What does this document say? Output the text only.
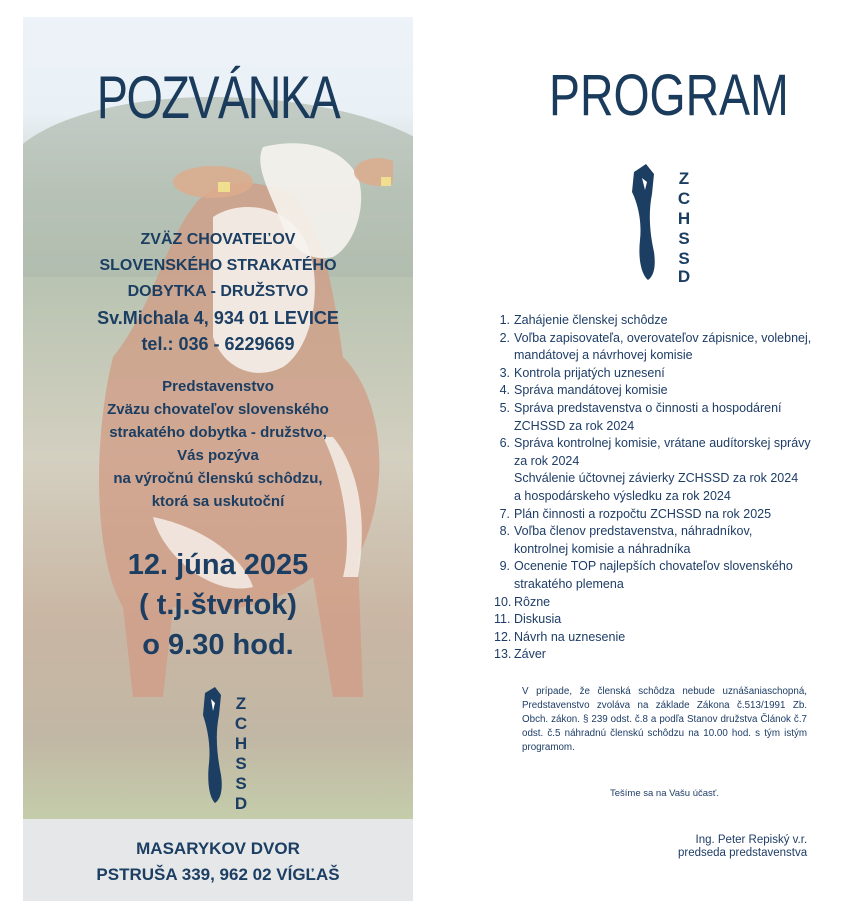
POZVÁNKA
ZVÄZ CHOVATEĽOV
SLOVENSKÉHO STRAKATÉHO
DOBYTKA - DRUŽSTVO
Sv.Michala 4, 934 01 LEVICE
tel.: 036 - 6229669
Predstavenstvo
Zväzu chovateľov slovenského
strakatého dobytka - družstvo,
Vás pozýva
na výročnú členskú schôdzu,
ktorá sa uskutoční
12. júna 2025
( t.j.štvrtok)
o 9.30 hod.
Z
C
H
S
S
D
MASARYKOV DVOR
PSTRUŠA 339, 962 02 VÍGĽAŠ
PROGRAM
Z
C
H
S
S
D
1. Zahájenie členskej schôdze
2. Voľba zapisovateľa, overovateľov zápisnice, volebnej,
mandátovej a návrhovej komisie
3. Kontrola prijatých uznesení
4. Správa mandátovej komisie
5. Správa predstavenstva o činnosti a hospodárení
ZCHSSD za rok 2024
6. Správa kontrolnej komisie, vrátane audítorskej správy
za rok 2024
Schválenie účtovnej závierky ZCHSSD za rok 2024
a hospodárskeho výsledku za rok 2024
7. Plán činnosti a rozpočtu ZCHSSD na rok 2025
8. Voľba členov predstavenstva, náhradníkov,
kontrolnej komisie a náhradníka
9. Ocenenie TOP najlepších chovateľov slovenského
strakatého plemena
10. Rôzne
11. Diskusia
12. Návrh na uznesenie
13. Záver
V prípade, že členská schôdza nebude uznášaniaschopná, Predstavenstvo zvoláva na základe Zákona č.513/1991 Zb. Obch. zákon. § 239 odst. č.8 a podľa Stanov družstva Článok č.7 odst. č.5 náhradnú členskú schôdzu na 10.00 hod. s tým istým programom.
Tešíme sa na Vašu účasť.
Ing. Peter Repiský v.r.
predseda predstavenstva
